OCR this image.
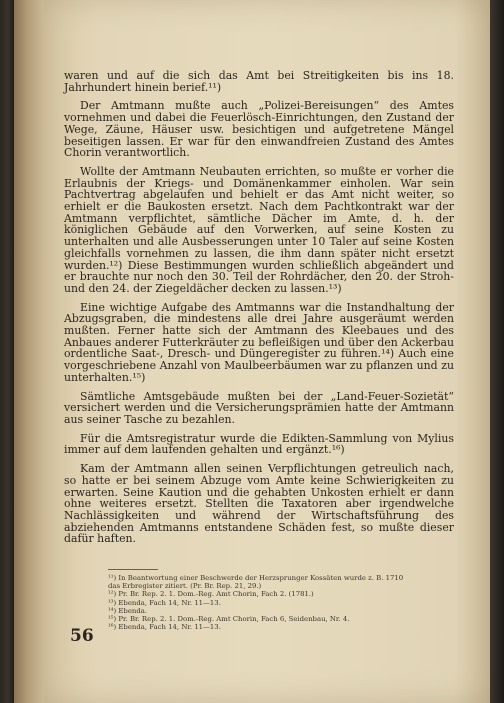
waren und auf die sich das Amt bei Streitigkeiten bis ins 18. Jahrhundert hinein berief.¹¹)

Der Amtmann mußte auch „Polizei-Bereisungen“ des Amtes vornehmen und dabei die Feuerlösch-Einrichtungen, den Zustand der Wege, Zäune, Häuser usw. besichtigen und aufgetretene Mängel beseitigen lassen. Er war für den einwandfreien Zustand des Amtes Chorin verantwortlich.

Wollte der Amtmann Neubauten errichten, so mußte er vorher die Erlaubnis der Kriegs- und Domänenkammer einholen. War sein Pachtvertrag abgelaufen und behielt er das Amt nicht weiter, so erhielt er die Baukosten ersetzt. Nach dem Pachtkontrakt war der Amtmann verpflichtet, sämtliche Dächer im Amte, d. h. der königlichen Gebäude auf den Vorwerken, auf seine Kosten zu unterhalten und alle Ausbesserungen unter 10 Taler auf seine Kosten gleichfalls vornehmen zu lassen, die ihm dann später nicht ersetzt wurden.¹²) Diese Bestimmungen wurden schließlich abgeändert und er brauchte nur noch den 30. Teil der Rohrdächer, den 20. der Stroh- und den 24. der Ziegeldächer decken zu lassen.¹³)

Eine wichtige Aufgabe des Amtmanns war die Instandhaltung der Abzugsgraben, die mindestens alle drei Jahre ausgeräumt werden mußten. Ferner hatte sich der Amtmann des Kleebaues und des Anbaues anderer Futterkräuter zu befleißigen und über den Ackerbau ordentliche Saat-, Dresch- und Düngeregister zu führen.¹⁴) Auch eine vorgeschriebene Anzahl von Maulbeerbäumen war zu pflanzen und zu unterhalten.¹⁵)

Sämtliche Amtsgebäude mußten bei der „Land-Feuer-Sozietät“ versichert werden und die Versicherungsprämien hatte der Amtmann aus seiner Tasche zu bezahlen.

Für die Amtsregistratur wurde die Edikten-Sammlung von Mylius immer auf dem laufenden gehalten und ergänzt.¹⁶)

Kam der Amtmann allen seinen Verpflichtungen getreulich nach, so hatte er bei seinem Abzuge vom Amte keine Schwierigkeiten zu erwarten. Seine Kaution und die gehabten Unkosten erhielt er dann ohne weiteres ersetzt. Stellten die Taxatoren aber irgendwelche Nachlässigkeiten und während der Wirtschaftsführung des abziehenden Amtmanns entstandene Schäden fest, so mußte dieser dafür haften.

¹¹) In Beantwortung einer Beschwerde der Herzsprunger Kossäten wurde z. B. 1710
das Erbregister zitiert. (Pr. Br. Rep. 21, 29.)
¹²) Pr. Br. Rep. 2. 1. Dom.-Reg. Amt Chorin, Fach 2. (1781.)
¹³) Ebenda, Fach 14, Nr. 11—13.
¹⁴) Ebenda.
¹⁵) Pr. Br. Rep. 2. 1. Dom.-Reg. Amt Chorin, Fach 6, Seidenbau, Nr. 4.
¹⁶) Ebenda, Fach 14, Nr. 11—13.
56
